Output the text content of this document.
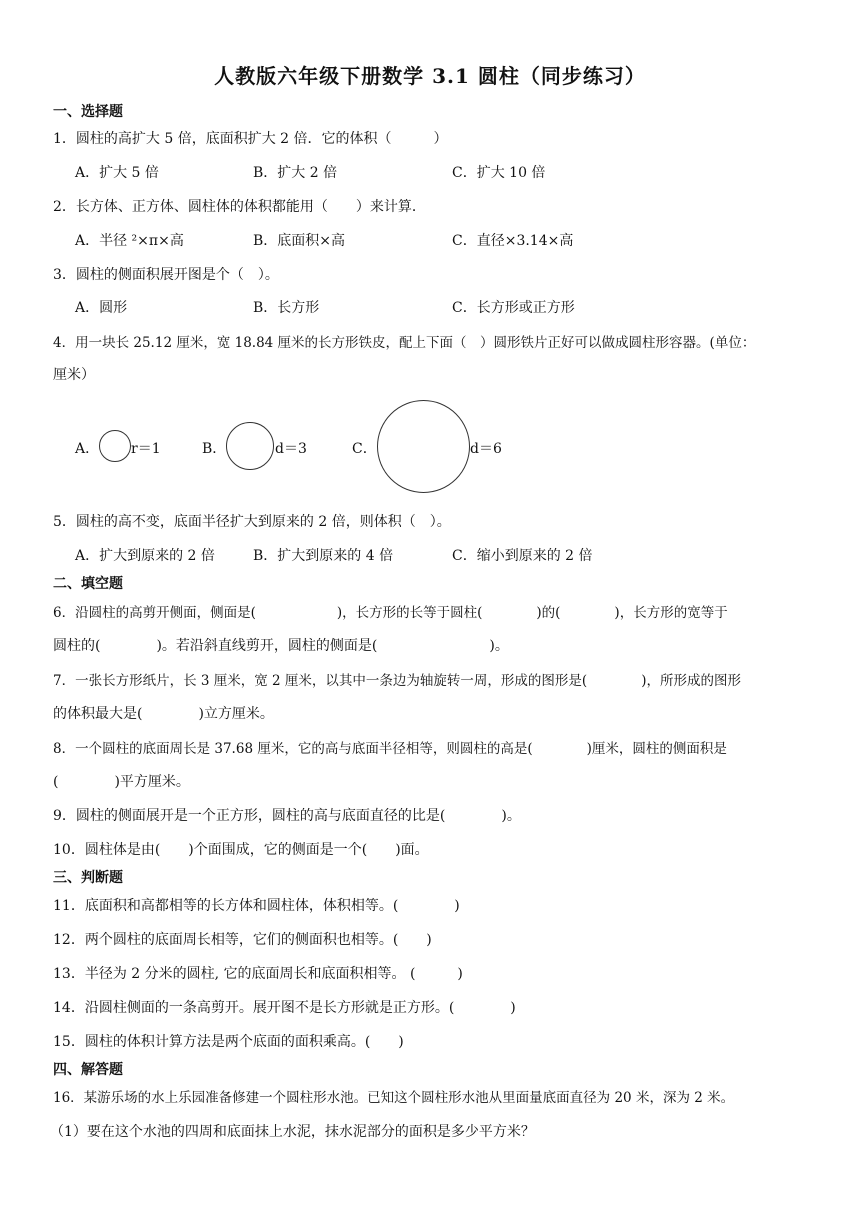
人教版六年级下册数学 3.1 圆柱（同步练习）
一、选择题
1．圆柱的高扩大 5 倍，底面积扩大 2 倍．它的体积（　　　）
A．扩大 5 倍	B．扩大 2 倍	C．扩大 10 倍
2．长方体、正方体、圆柱体的体积都能用（　　）来计算．
A．半径 ²×π×高	B．底面积×高	C．直径×3.14×高
3．圆柱的侧面积展开图是个（　）。
A．圆形	B．长方形	C．长方形或正方形
4．用一块长 25.12 厘米，宽 18.84 厘米的长方形铁皮，配上下面（　）圆形铁片正好可以做成圆柱形容器。(单位：
厘米）
A． r＝1	B．	d＝3	C．	d＝6
5．圆柱的高不变，底面半径扩大到原来的 2 倍，则体积（　）。
A．扩大到原来的 2 倍	B．扩大到原来的 4 倍	C．缩小到原来的 2 倍
二、填空题
6．沿圆柱的高剪开侧面，侧面是(　　　　　　)，长方形的长等于圆柱(　　　　)的(　　　　)，长方形的宽等于
圆柱的(　　　　)。若沿斜直线剪开，圆柱的侧面是(　　　　　　　　)。
7．一张长方形纸片，长 3 厘米，宽 2 厘米，以其中一条边为轴旋转一周，形成的图形是(　　　　)，所形成的图形
的体积最大是(　　　　)立方厘米。
8．一个圆柱的底面周长是 37.68 厘米，它的高与底面半径相等，则圆柱的高是(　　　　)厘米，圆柱的侧面积是
(　　　　)平方厘米。
9．圆柱的侧面展开是一个正方形，圆柱的高与底面直径的比是(　　　　)。
10．圆柱体是由(　　)个面围成，它的侧面是一个(　　)面。
三、判断题
11．底面积和高都相等的长方体和圆柱体，体积相等。(　　　　)
12．两个圆柱的底面周长相等，它们的侧面积也相等。(　　)
13．半径为 2 分米的圆柱, 它的底面周长和底面积相等。 (　　　)
14．沿圆柱侧面的一条高剪开。展开图不是长方形就是正方形。(　　　　)
15．圆柱的体积计算方法是两个底面的面积乘高。(　　)
四、解答题
16．某游乐场的水上乐园准备修建一个圆柱形水池。已知这个圆柱形水池从里面量底面直径为 20 米，深为 2 米。
（1）要在这个水池的四周和底面抹上水泥，抹水泥部分的面积是多少平方米？
